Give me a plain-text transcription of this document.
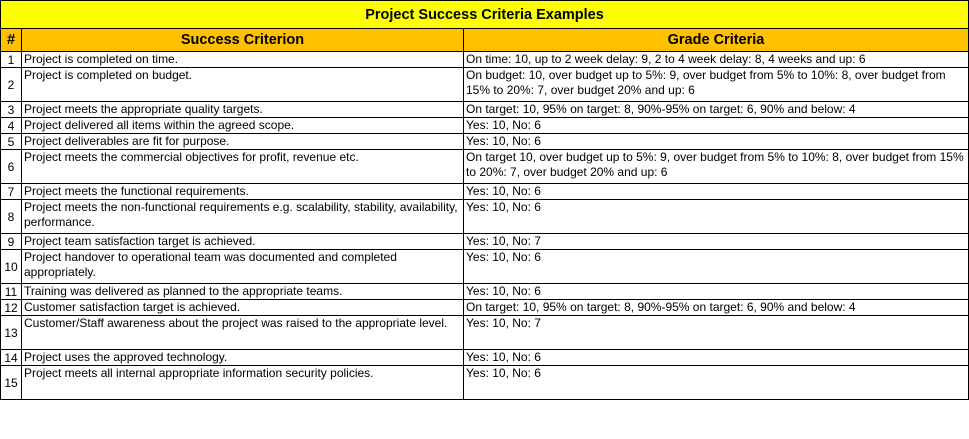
Project Success Criteria Examples		
#	Success Criterion	Grade Criteria
1	Project is completed on time.	On time: 10, up to 2 week delay: 9, 2 to 4 week delay: 8, 4 weeks and up: 6
2	Project is completed on budget.	On budget: 10, over budget up to 5%: 9, over budget from 5% to 10%: 8, over budget from 15% to 20%: 7, over budget 20% and up: 6
3	Project meets the appropriate quality targets.	On target: 10, 95% on target: 8, 90%-95% on target: 6, 90% and below: 4
4	Project delivered all items within the agreed scope.	Yes: 10, No: 6
5	Project deliverables are fit for purpose.	Yes: 10, No: 6
6	Project meets the commercial objectives for profit, revenue etc.	On target 10, over budget up to 5%: 9, over budget from 5% to 10%: 8, over budget from 15% to 20%: 7, over budget 20% and up: 6
7	Project meets the functional requirements.	Yes: 10, No: 6
8	Project meets the non-functional requirements e.g. scalability, stability, availability, performance.	Yes: 10, No: 6
9	Project team satisfaction target is achieved.	Yes: 10, No: 7
10	Project handover to operational team was documented and completed appropriately.	Yes: 10, No: 6
11	Training was delivered as planned to the appropriate teams.	Yes: 10, No: 6
12	Customer satisfaction target is achieved.	On target: 10, 95% on target: 8, 90%-95% on target: 6, 90% and below: 4
13	Customer/Staff awareness about the project was raised to the appropriate level.	Yes: 10, No: 7
14	Project uses the approved technology.	Yes: 10, No: 6
15	Project meets all internal appropriate information security policies.	Yes: 10, No: 6
